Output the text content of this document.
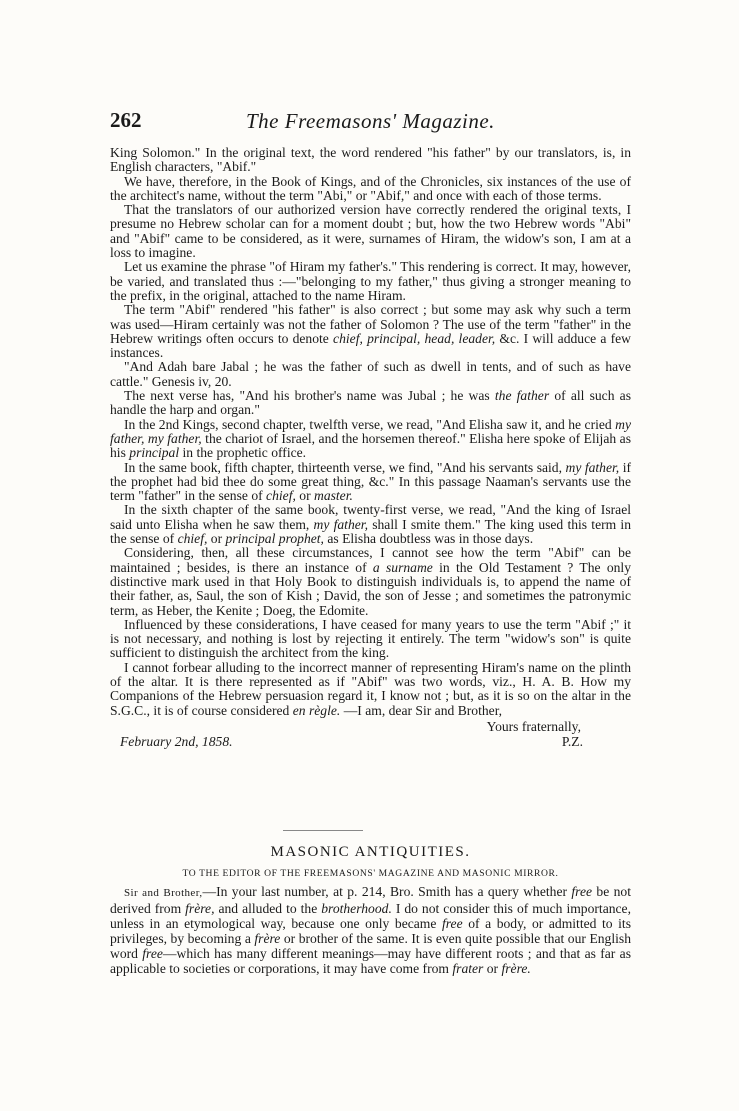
262	The Freemasons' Magazine.

King Solomon." In the original text, the word rendered "his father" by our translators, is, in English characters, "Abif."

We have, therefore, in the Book of Kings, and of the Chronicles, six instances of the use of the architect's name, without the term "Abi," or "Abif," and once with each of those terms.

That the translators of our authorized version have correctly rendered the original texts, I presume no Hebrew scholar can for a moment doubt ; but, how the two Hebrew words "Abi" and "Abif" came to be considered, as it were, surnames of Hiram, the widow's son, I am at a loss to imagine.

Let us examine the phrase "of Hiram my father's." This rendering is correct. It may, however, be varied, and translated thus :—"belonging to my father," thus giving a stronger meaning to the prefix, in the original, attached to the name Hiram.

The term "Abif" rendered "his father" is also correct ; but some may ask why such a term was used—Hiram certainly was not the father of Solomon ? The use of the term "father" in the Hebrew writings often occurs to denote chief, principal, head, leader, &c. I will adduce a few instances.

"And Adah bare Jabal ; he was the father of such as dwell in tents, and of such as have cattle." Genesis iv, 20.

The next verse has, "And his brother's name was Jubal ; he was the father of all such as handle the harp and organ."

In the 2nd Kings, second chapter, twelfth verse, we read, "And Elisha saw it, and he cried my father, my father, the chariot of Israel, and the horsemen thereof." Elisha here spoke of Elijah as his principal in the prophetic office.

In the same book, fifth chapter, thirteenth verse, we find, "And his servants said, my father, if the prophet had bid thee do some great thing, &c." In this passage Naaman's servants use the term "father" in the sense of chief, or master.

In the sixth chapter of the same book, twenty-first verse, we read, "And the king of Israel said unto Elisha when he saw them, my father, shall I smite them." The king used this term in the sense of chief, or principal prophet, as Elisha doubtless was in those days.

Considering, then, all these circumstances, I cannot see how the term "Abif" can be maintained ; besides, is there an instance of a surname in the Old Testament ? The only distinctive mark used in that Holy Book to distinguish individuals is, to append the name of their father, as, Saul, the son of Kish ; David, the son of Jesse ; and sometimes the patronymic term, as Heber, the Kenite ; Doeg, the Edomite.

Influenced by these considerations, I have ceased for many years to use the term "Abif ;" it is not necessary, and nothing is lost by rejecting it entirely. The term "widow's son" is quite sufficient to distinguish the architect from the king.

I cannot forbear alluding to the incorrect manner of representing Hiram's name on the plinth of the altar. It is there represented as if "Abif" was two words, viz., H. A. B. How my Companions of the Hebrew persuasion regard it, I know not ; but, as it is so on the altar in the S.G.C., it is of course considered en règle. —I am, dear Sir and Brother,

Yours fraternally,
February 2nd, 1858.	P.Z.
MASONIC ANTIQUITIES.
TO THE EDITOR OF THE FREEMASONS' MAGAZINE AND MASONIC MIRROR.

Sir and Brother,—In your last number, at p. 214, Bro. Smith has a query whether free be not derived from frère, and alluded to the brotherhood. I do not consider this of much importance, unless in an etymological way, because one only became free of a body, or admitted to its privileges, by becoming a frère or brother of the same. It is even quite possible that our English word free—which has many different meanings—may have different roots ; and that as far as applicable to societies or corporations, it may have come from frater or frère.
